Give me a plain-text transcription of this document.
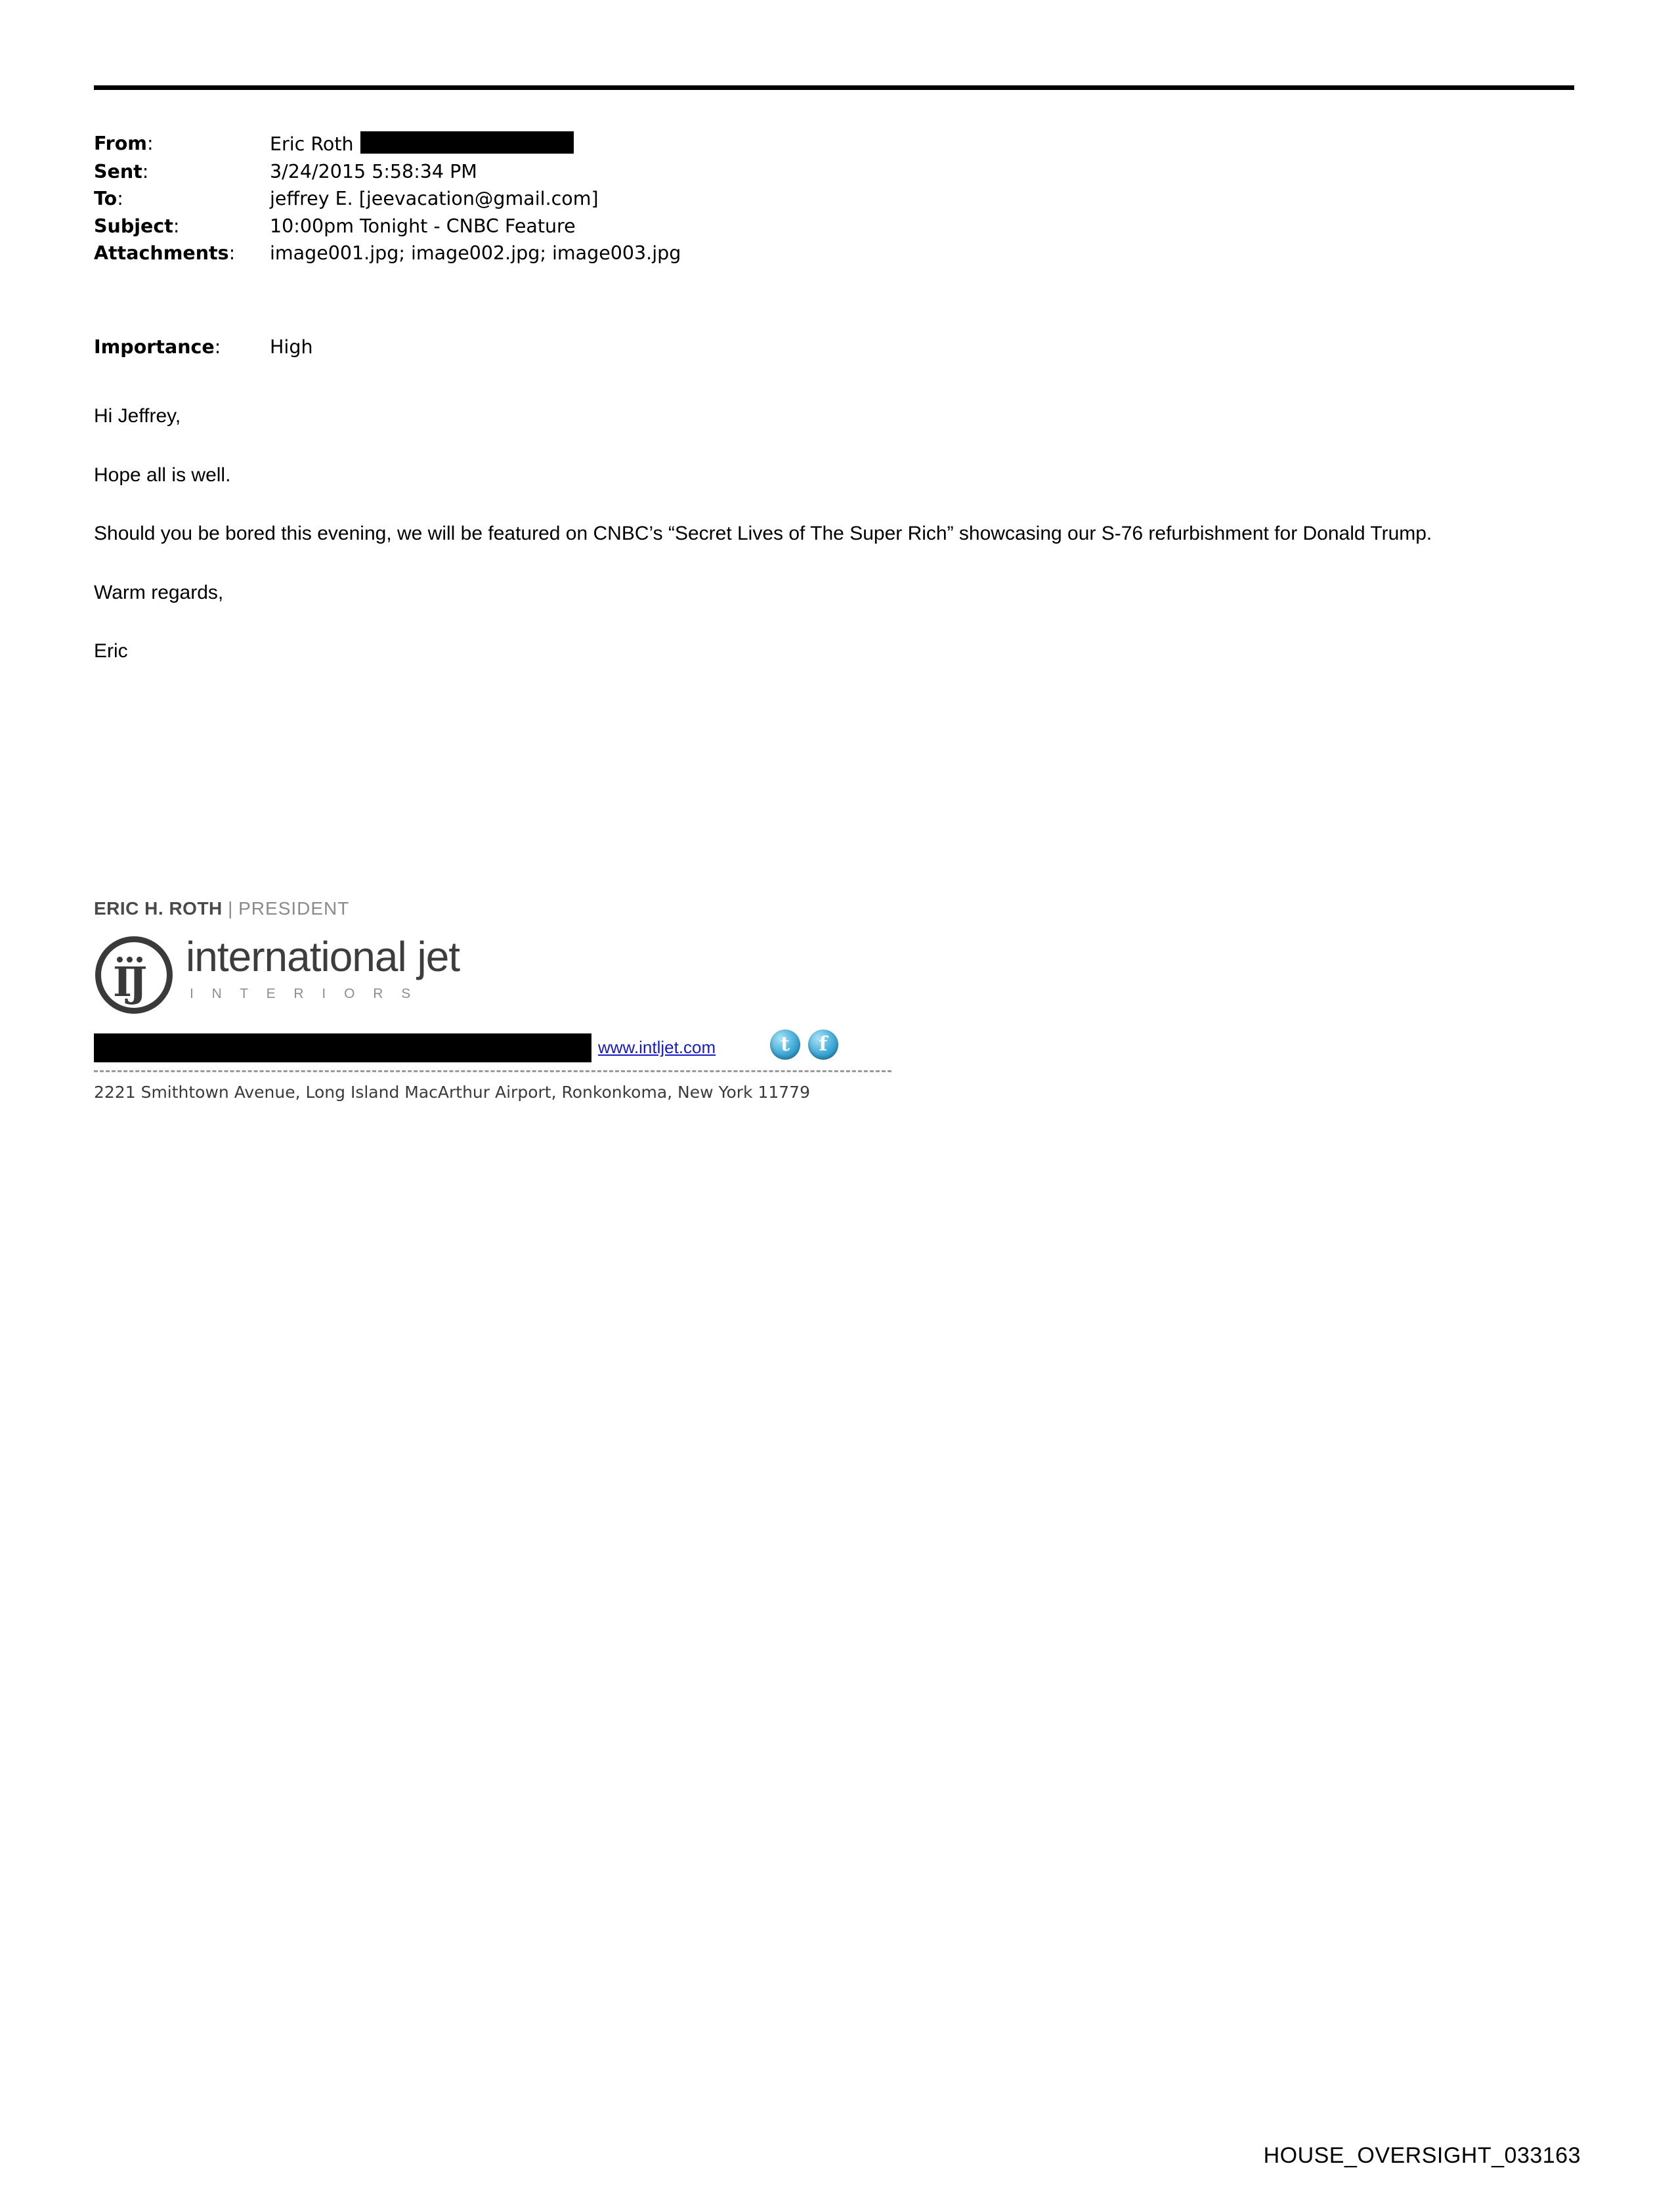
From:	Eric Roth
Sent:	3/24/2015 5:58:34 PM
To:	jeffrey E. [jeevacation@gmail.com]
Subject:	10:00pm Tonight - CNBC Feature
Attachments:	image001.jpg; image002.jpg; image003.jpg
Importance:	High

Hi Jeffrey,

Hope all is well.

Should you be bored this evening, we will be featured on CNBC’s “Secret Lives of The Super Rich” showcasing our S-76 refurbishment for Donald Trump.

Warm regards,

Eric

ERIC H. ROTH | PRESIDENT
IJ
international jet
I N T E R I O R S
www.intljet.com	t	f
2221 Smithtown Avenue, Long Island MacArthur Airport, Ronkonkoma, New York 11779
HOUSE_OVERSIGHT_033163
